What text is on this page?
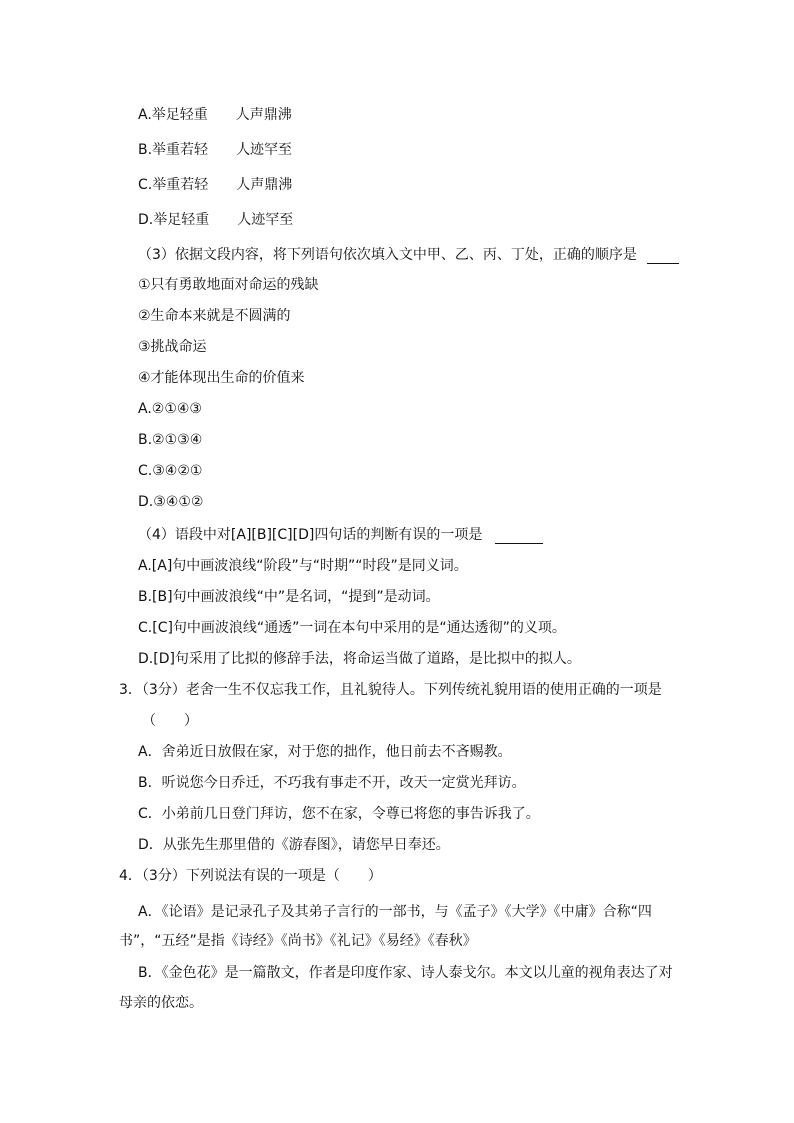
A.举足轻重 人声鼎沸
B.举重若轻 人迹罕至
C.举重若轻 人声鼎沸
D.举足轻重 人迹罕至
（3）依据文段内容，将下列语句依次填入文中甲、乙、丙、丁处，正确的顺序是
①只有勇敢地面对命运的残缺
②生命本来就是不圆满的
③挑战命运
④才能体现出生命的价值来
A.②①④③
B.②①③④
C.③④②①
D.③④①②
（4）语段中对[A][B][C][D]四句话的判断有误的一项是
A.[A]句中画波浪线“阶段”与“时期”“时段”是同义词。
B.[B]句中画波浪线“中”是名词，“提到”是动词。
C.[C]句中画波浪线“通透”一词在本句中采用的是“通达透彻”的义项。
D.[D]句采用了比拟的修辞手法，将命运当做了道路，是比拟中的拟人。
3．（3分）老舍一生不仅忘我工作，且礼貌待人。下列传统礼貌用语的使用正确的一项是
（　　）
A．舍弟近日放假在家，对于您的拙作，他日前去不吝赐教。
B．听说您今日乔迁，不巧我有事走不开，改天一定赏光拜访。
C．小弟前几日登门拜访，您不在家，令尊已将您的事告诉我了。
D．从张先生那里借的《游春图》，请您早日奉还。
4．（3分）下列说法有误的一项是（　　）
A．《论语》是记录孔子及其弟子言行的一部书，与《孟子》《大学》《中庸》合称“四
书”，“五经”是指《诗经》《尚书》《礼记》《易经》《春秋》
B．《金色花》是一篇散文，作者是印度作家、诗人泰戈尔。本文以儿童的视角表达了对
母亲的依恋。
